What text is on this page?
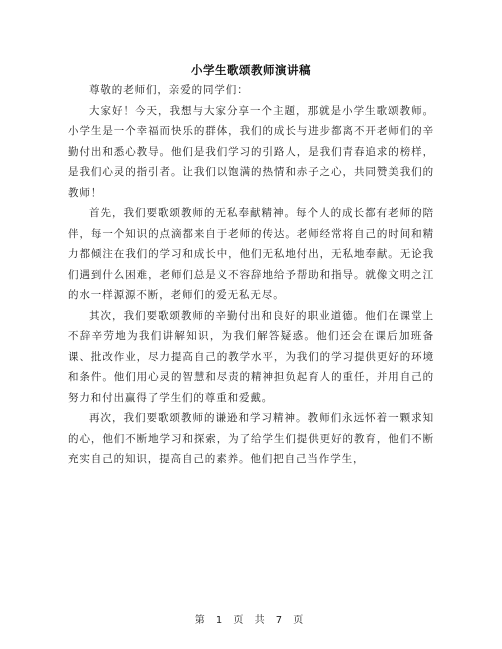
小学生歌颂教师演讲稿

尊敬的老师们，亲爱的同学们：

大家好！今天，我想与大家分享一个主题，那就是小学生歌颂教师。小学生是一个幸福而快乐的群体，我们的成长与进步都离不开老师们的辛勤付出和悉心教导。他们是我们学习的引路人，是我们青春追求的榜样，是我们心灵的指引者。让我们以饱满的热情和赤子之心，共同赞美我们的教师！

首先，我们要歌颂教师的无私奉献精神。每个人的成长都有老师的陪伴，每一个知识的点滴都来自于老师的传达。老师经常将自己的时间和精力都倾注在我们的学习和成长中，他们无私地付出，无私地奉献。无论我们遇到什么困难，老师们总是义不容辞地给予帮助和指导。就像文明之江的水一样源源不断，老师们的爱无私无尽。

其次，我们要歌颂教师的辛勤付出和良好的职业道德。他们在课堂上不辞辛劳地为我们讲解知识，为我们解答疑惑。他们还会在课后加班备课、批改作业，尽力提高自己的教学水平，为我们的学习提供更好的环境和条件。他们用心灵的智慧和尽责的精神担负起育人的重任，并用自己的努力和付出赢得了学生们的尊重和爱戴。

再次，我们要歌颂教师的谦逊和学习精神。教师们永远怀着一颗求知的心，他们不断地学习和探索，为了给学生们提供更好的教育，他们不断充实自己的知识，提高自己的素养。他们把自己当作学生，

第 1 页 共 7 页
